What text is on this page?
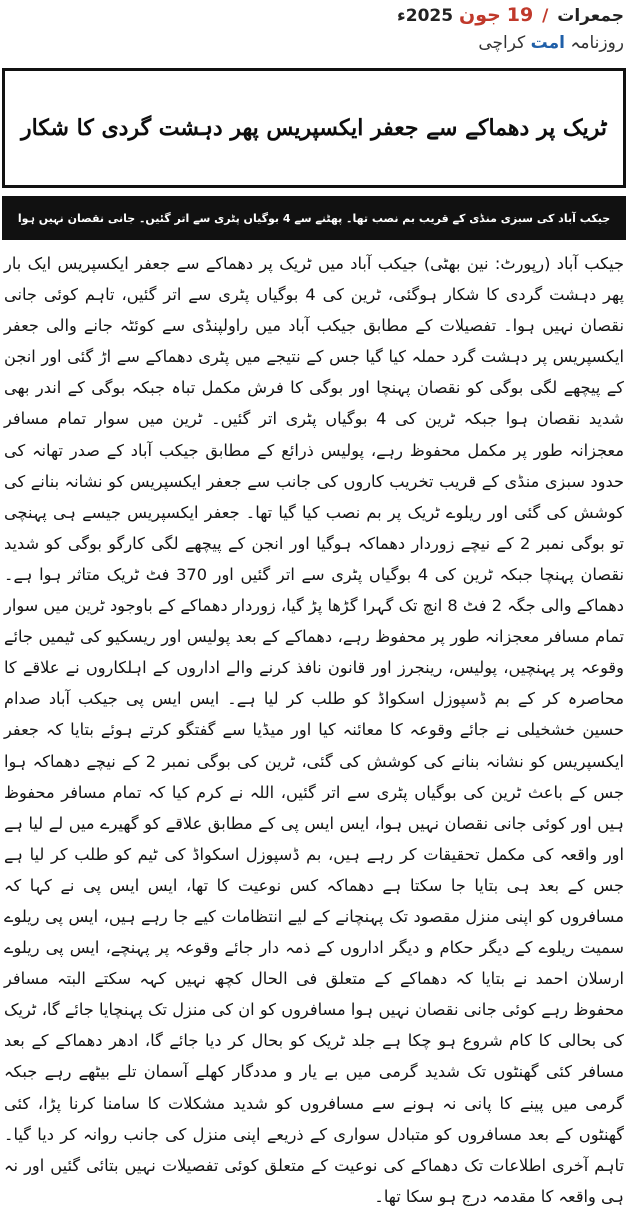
جمعرات / 19 جون 2025ء
روزنامہ امت کراچی
ٹریک پر دھماکے سے جعفر ایکسپریس پھر دہشت گردی کا شکار
جیکب آباد کی سبزی منڈی کے قریب بم نصب تھا۔ پھٹنے سے 4 بوگیاں پٹری سے اتر گئیں۔ جانی نقصان نہیں ہوا

جیکب آباد (رپورٹ: نین بھٹی) جیکب آباد میں ٹریک پر دھماکے سے جعفر ایکسپریس ایک بار پھر دہشت گردی کا شکار ہوگئی، ٹرین کی 4 بوگیاں پٹری سے اتر گئیں، تاہم کوئی جانی نقصان نہیں ہوا۔ تفصیلات کے مطابق جیکب آباد میں راولپنڈی سے کوئٹہ جانے والی جعفر ایکسپریس پر دہشت گرد حملہ کیا گیا جس کے نتیجے میں پٹری دھماکے سے اڑ گئی اور انجن کے پیچھے لگی بوگی کو نقصان پہنچا اور بوگی کا فرش مکمل تباہ جبکہ بوگی کے اندر بھی شدید نقصان ہوا جبکہ ٹرین کی 4 بوگیاں پٹری اتر گئیں۔ ٹرین میں سوار تمام مسافر معجزانہ طور پر مکمل محفوظ رہے، پولیس ذرائع کے مطابق جیکب آباد کے صدر تھانہ کی حدود سبزی منڈی کے قریب تخریب کاروں کی جانب سے جعفر ایکسپریس کو نشانہ بنانے کی کوشش کی گئی اور ریلوے ٹریک پر بم نصب کیا گیا تھا۔ جعفر ایکسپریس جیسے ہی پہنچی تو بوگی نمبر 2 کے نیچے زوردار دھماکہ ہوگیا اور انجن کے پیچھے لگی کارگو بوگی کو شدید نقصان پہنچا جبکہ ٹرین کی 4 بوگیاں پٹری سے اتر گئیں اور 370 فٹ ٹریک متاثر ہوا ہے۔ دھماکے والی جگہ 2 فٹ 8 انچ تک گہرا گڑھا پڑ گیا، زوردار دھماکے کے باوجود ٹرین میں سوار تمام مسافر معجزانہ طور پر محفوظ رہے، دھماکے کے بعد پولیس اور ریسکیو کی ٹیمیں جائے وقوعہ پر پہنچیں، پولیس، رینجرز اور قانون نافذ کرنے والے اداروں کے اہلکاروں نے علاقے کا محاصرہ کر کے بم ڈسپوزل اسکواڈ کو طلب کر لیا ہے۔ ایس ایس پی جیکب آباد صدام حسین خشخیلی نے جائے وقوعہ کا معائنہ کیا اور میڈیا سے گفتگو کرتے ہوئے بتایا کہ جعفر ایکسپریس کو نشانہ بنانے کی کوشش کی گئی، ٹرین کی بوگی نمبر 2 کے نیچے دھماکہ ہوا جس کے باعث ٹرین کی بوگیاں پٹری سے اتر گئیں، اللہ نے کرم کیا کہ تمام مسافر محفوظ ہیں اور کوئی جانی نقصان نہیں ہوا، ایس ایس پی کے مطابق علاقے کو گھیرے میں لے لیا ہے اور واقعہ کی مکمل تحقیقات کر رہے ہیں، بم ڈسپوزل اسکواڈ کی ٹیم کو طلب کر لیا ہے جس کے بعد ہی بتایا جا سکتا ہے دھماکہ کس نوعیت کا تھا، ایس ایس پی نے کہا کہ مسافروں کو اپنی منزل مقصود تک پہنچانے کے لیے انتظامات کیے جا رہے ہیں، ایس پی ریلوے سمیت ریلوے کے دیگر حکام و دیگر اداروں کے ذمہ دار جائے وقوعہ پر پہنچے، ایس پی ریلوے ارسلان احمد نے بتایا کہ دھماکے کے متعلق فی الحال کچھ نہیں کہہ سکتے البتہ مسافر محفوظ رہے کوئی جانی نقصان نہیں ہوا مسافروں کو ان کی منزل تک پہنچایا جائے گا، ٹریک کی بحالی کا کام شروع ہو چکا ہے جلد ٹریک کو بحال کر دیا جائے گا، ادھر دھماکے کے بعد مسافر کئی گھنٹوں تک شدید گرمی میں بے یار و مددگار کھلے آسمان تلے بیٹھے رہے جبکہ گرمی میں پینے کا پانی نہ ہونے سے مسافروں کو شدید مشکلات کا سامنا کرنا پڑا، کئی گھنٹوں کے بعد مسافروں کو متبادل سواری کے ذریعے اپنی منزل کی جانب روانہ کر دیا گیا۔ تاہم آخری اطلاعات تک دھماکے کی نوعیت کے متعلق کوئی تفصیلات نہیں بتائی گئیں اور نہ ہی واقعہ کا مقدمہ درج ہو سکا تھا۔
